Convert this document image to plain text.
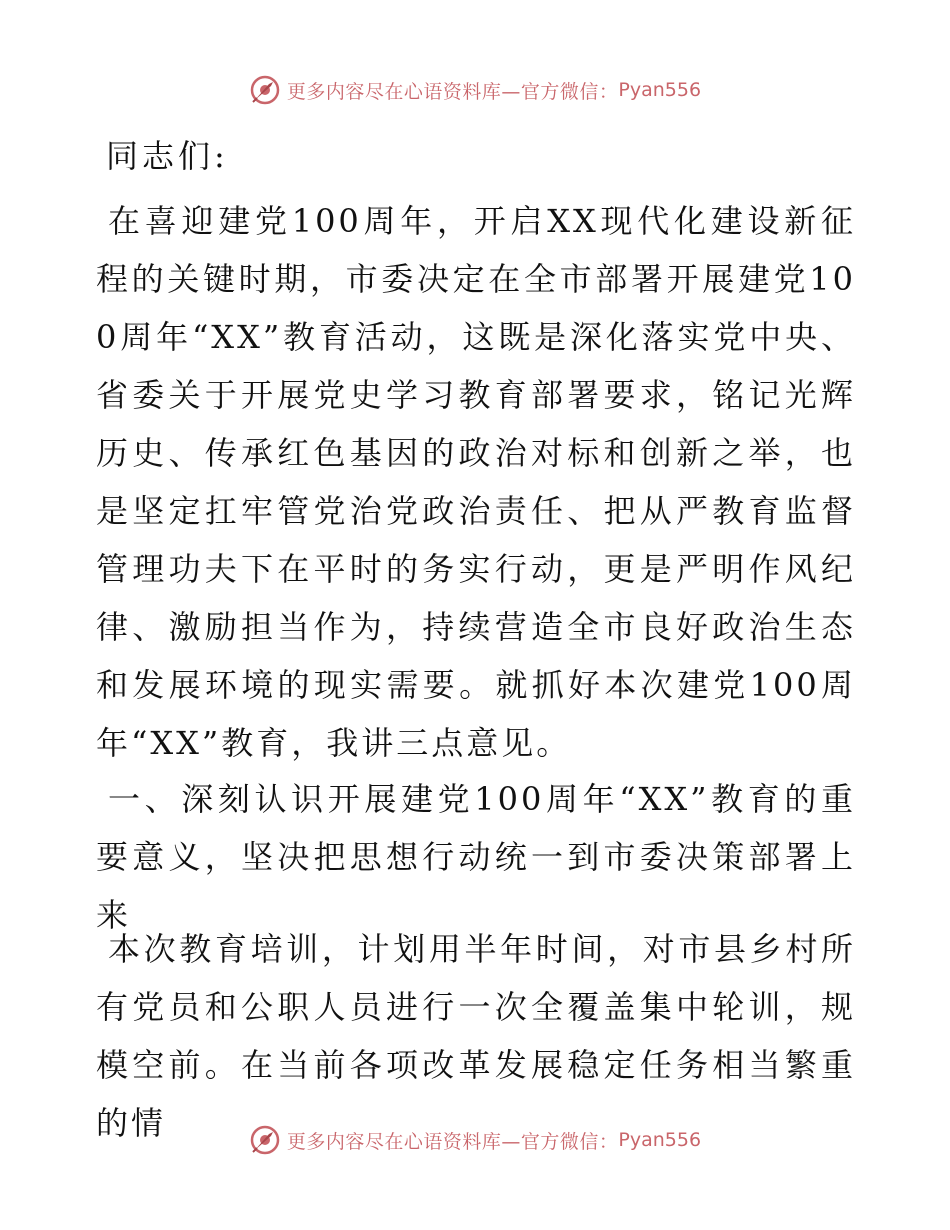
更多内容尽在心语资料库—官方微信： Pyan556
同志们:
在喜迎建党100周年，开启XX现代化建设新征程的关键时期，市委决定在全市部署开展建党100周年“XX”教育活动，这既是深化落实党中央、省委关于开展党史学习教育部署要求，铭记光辉历史、传承红色基因的政治对标和创新之举，也是坚定扛牢管党治党政治责任、把从严教育监督管理功夫下在平时的务实行动，更是严明作风纪律、激励担当作为，持续营造全市良好政治生态和发展环境的现实需要。就抓好本次建党100周年“XX”教育，我讲三点意见。
一、深刻认识开展建党100周年“XX”教育的重要意义，坚决把思想行动统一到市委决策部署上来
本次教育培训，计划用半年时间，对市县乡村所有党员和公职人员进行一次全覆盖集中轮训，规模空前。在当前各项改革发展稳定任务相当繁重的情	更多内容尽在心语资料库—官方微信： Pyan556
